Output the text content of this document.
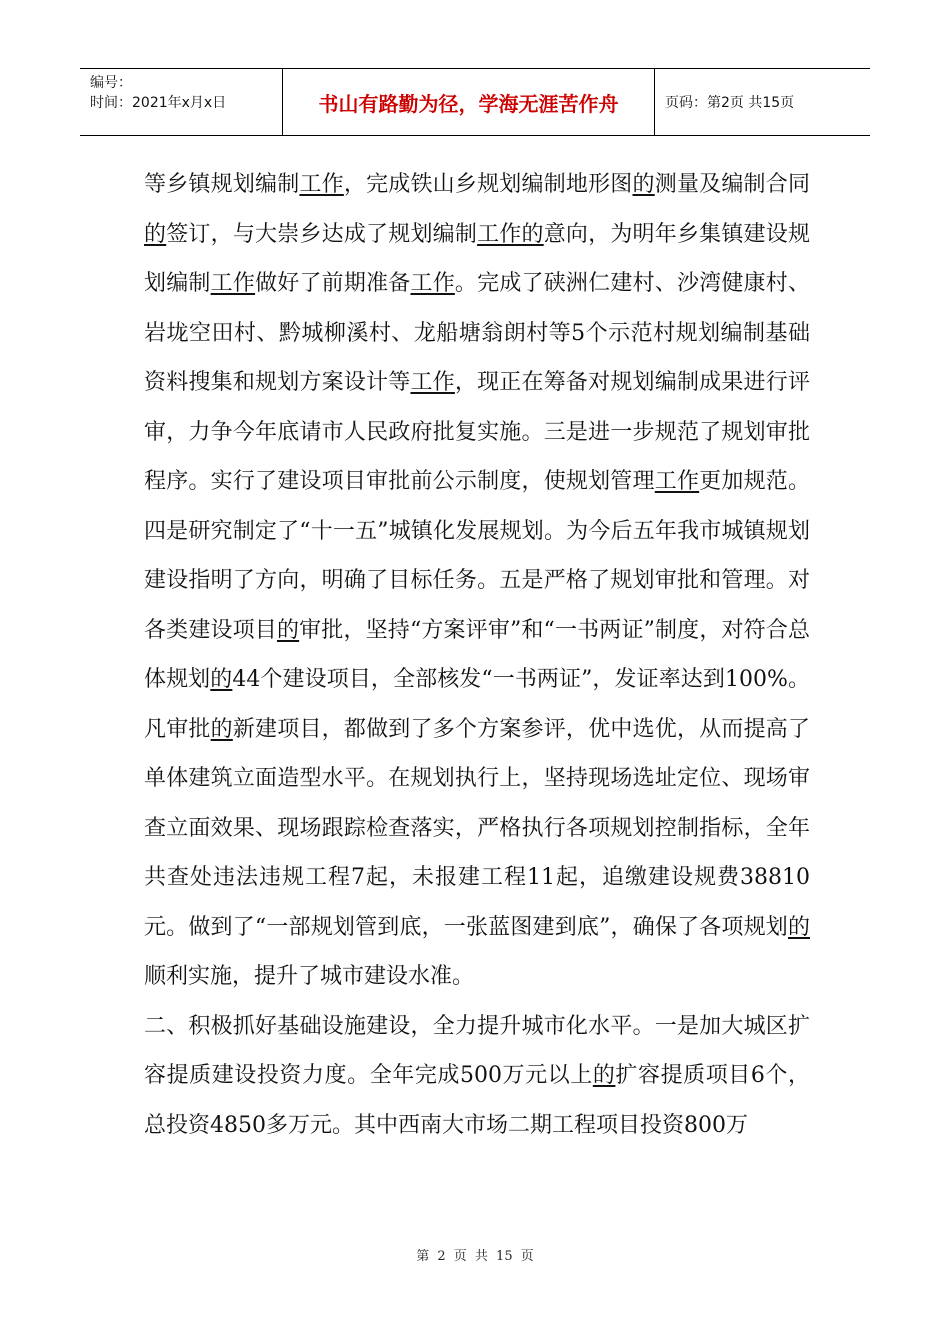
编号：
时间：2021年x月x日	书山有路勤为径，学海无涯苦作舟	页码：第2页 共15页

等乡镇规划编制工作，完成铁山乡规划编制地形图的测量及编制合同的签订，与大崇乡达成了规划编制工作的意向，为明年乡集镇建设规划编制工作做好了前期准备工作。完成了硖洲仁建村、沙湾健康村、岩垅空田村、黔城柳溪村、龙船塘翁朗村等5个示范村规划编制基础资料搜集和规划方案设计等工作，现正在筹备对规划编制成果进行评审，力争今年底请市人民政府批复实施。三是进一步规范了规划审批程序。实行了建设项目审批前公示制度，使规划管理工作更加规范。四是研究制定了“十一五”城镇化发展规划。为今后五年我市城镇规划建设指明了方向，明确了目标任务。五是严格了规划审批和管理。对各类建设项目的审批，坚持“方案评审”和“一书两证”制度，对符合总体规划的44个建设项目，全部核发“一书两证”，发证率达到100%。凡审批的新建项目，都做到了多个方案参评，优中选优，从而提高了单体建筑立面造型水平。在规划执行上，坚持现场选址定位、现场审查立面效果、现场跟踪检查落实，严格执行各项规划控制指标，全年共查处违法违规工程7起，未报建工程11起，追缴建设规费38810元。做到了“一部规划管到底，一张蓝图建到底”，确保了各项规划的顺利实施，提升了城市建设水准。

二、积极抓好基础设施建设，全力提升城市化水平。一是加大城区扩容提质建设投资力度。全年完成500万元以上的扩容提质项目6个，总投资4850多万元。其中西南大市场二期工程项目投资800万

第 2 页 共 15 页
